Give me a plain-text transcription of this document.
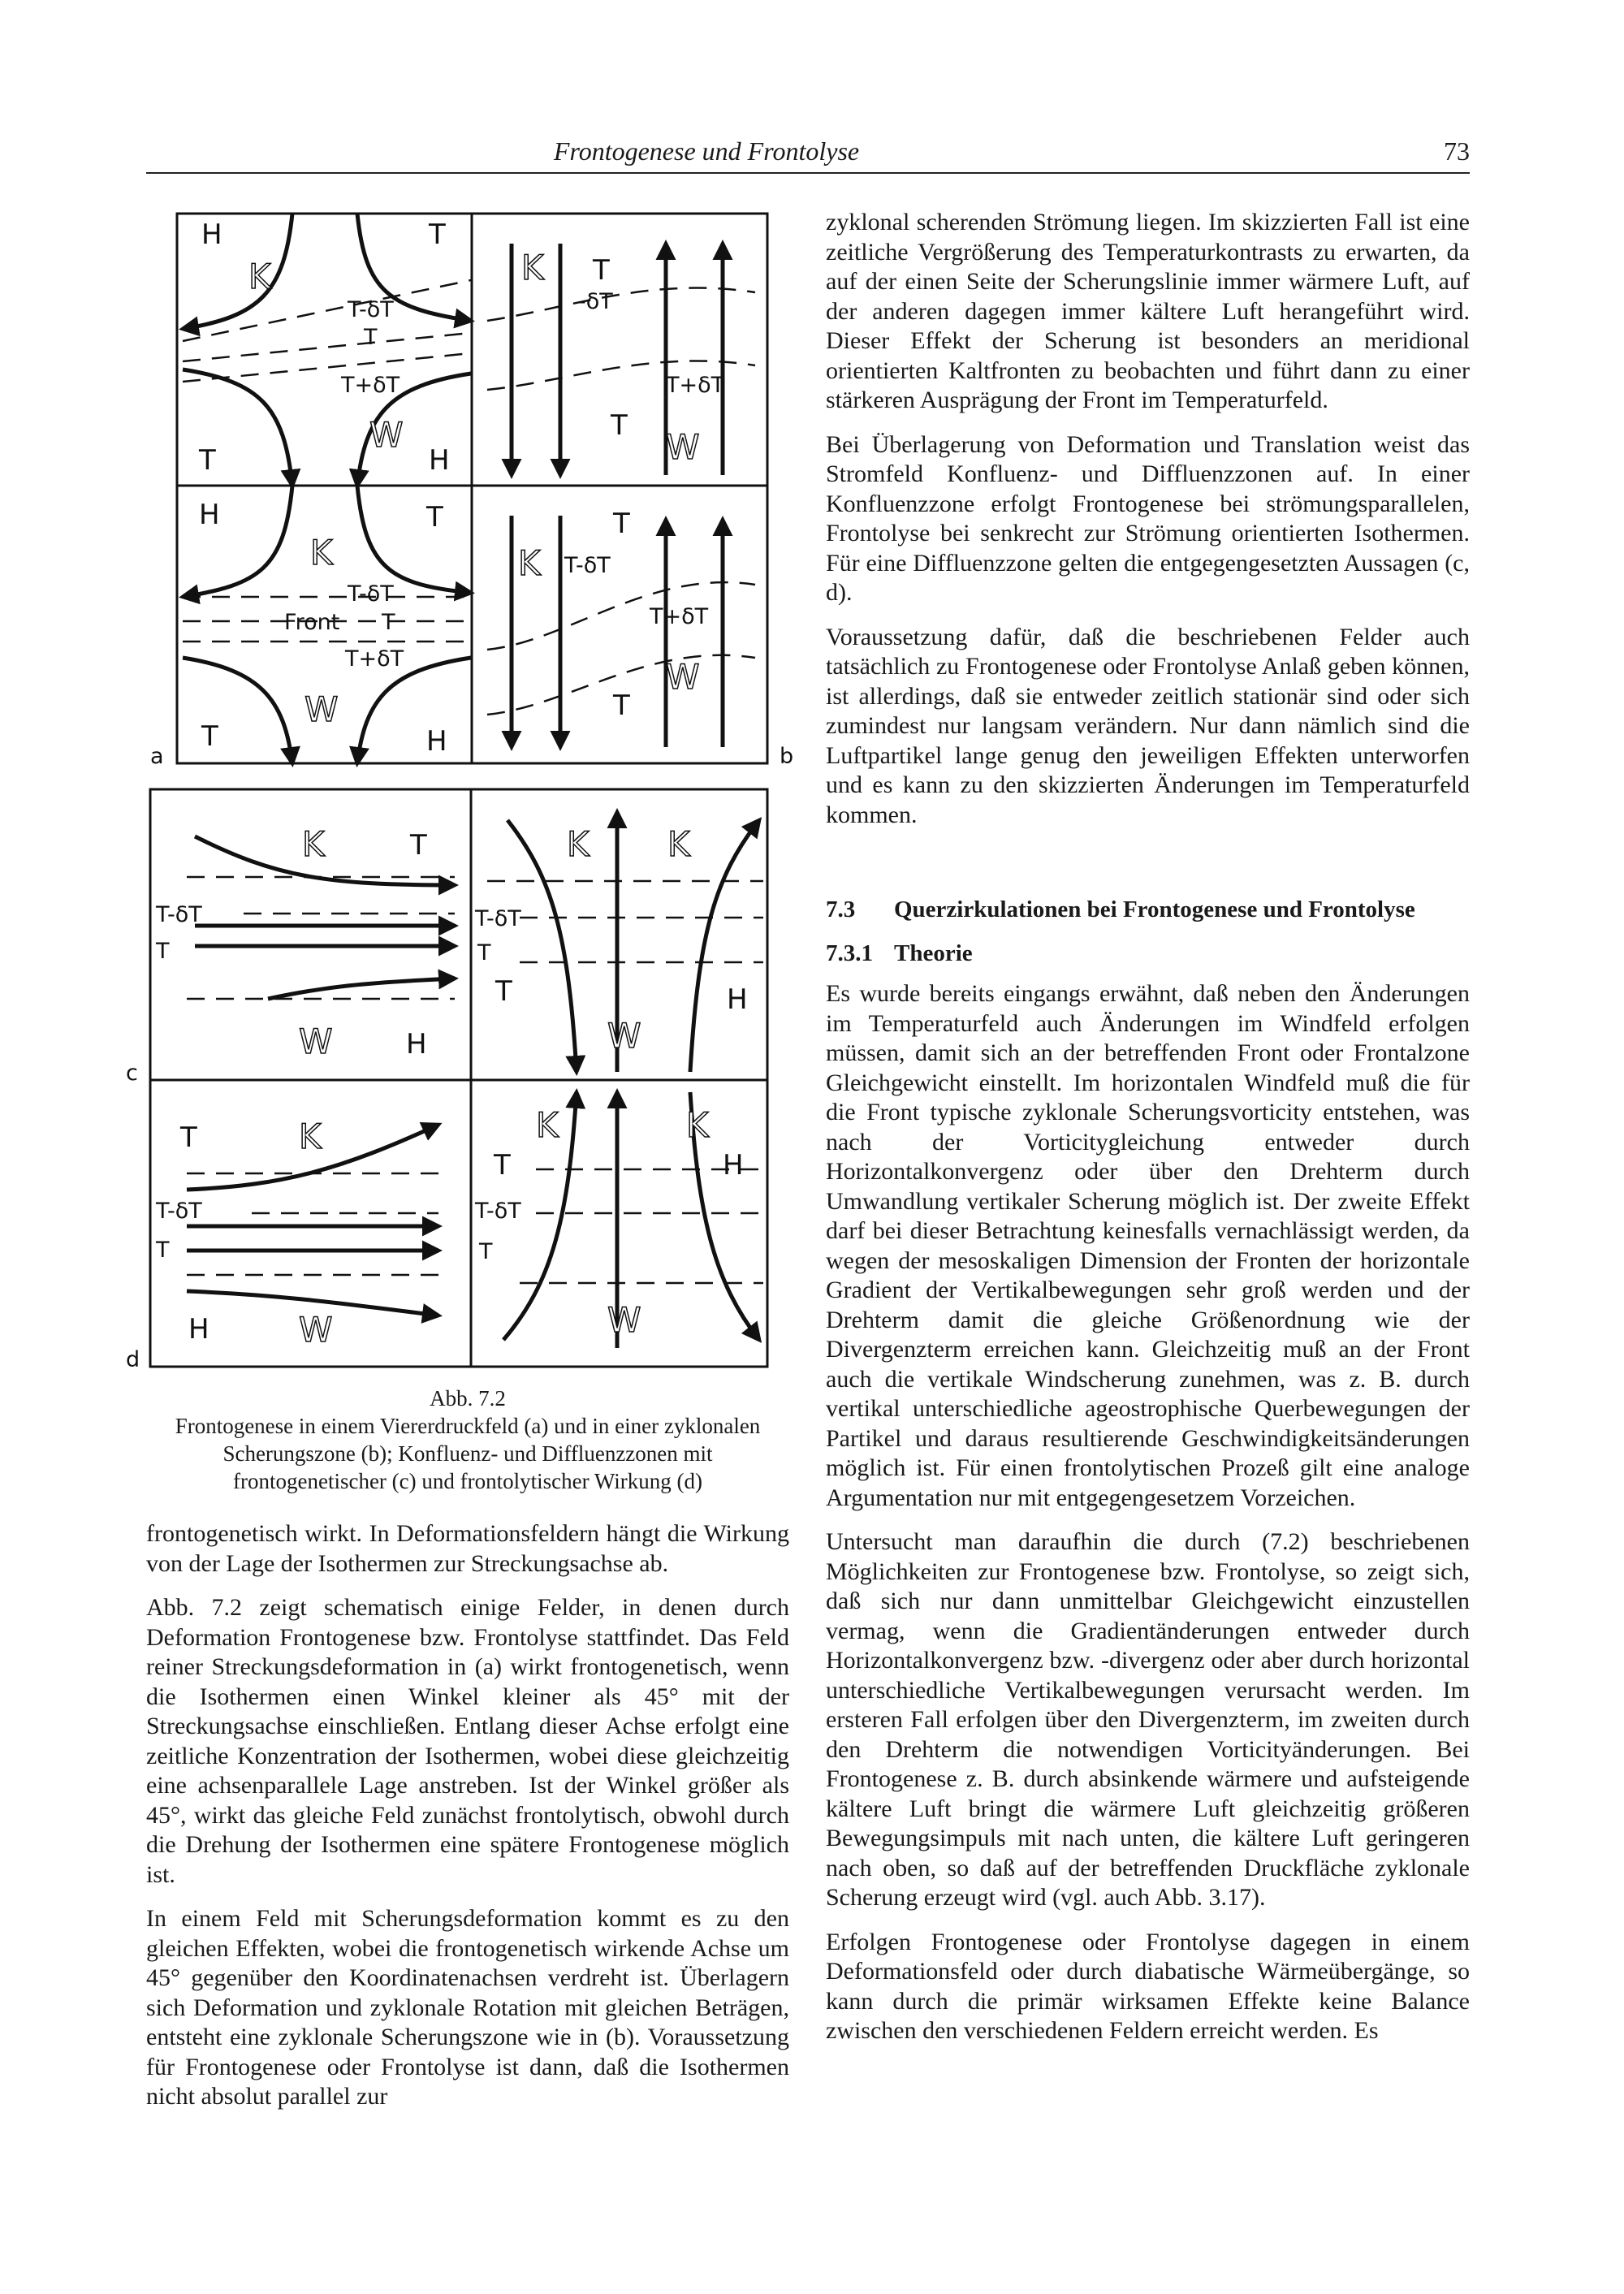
Frontogenese und Frontolyse	73
a	b
c
d
H	T
K
T-δT
T
T+δT
W
T	H
H	T
K
T-δT
Front T
T+δT
W
T	H
K T
-δT
T+δT
T
W
T
K T-δT
T+δT
W
T
K	T
T-δT
T
W	H
K K
T-δT
T
T	H
W
T	K
T-δT
T
H	W
K
T
K
H
T-δT
T
W
Abb. 7.2
Frontogenese in einem Viererdruckfeld (a) und in einer zyklonalen Scherungszone (b); Konfluenz- und Diffluenzzonen mit frontogenetischer (c) und frontolytischer Wirkung (d)

frontogenetisch wirkt. In Deformationsfeldern hängt die Wirkung von der Lage der Isothermen zur Streckungsachse ab.

Abb. 7.2 zeigt schematisch einige Felder, in denen durch Deformation Frontogenese bzw. Frontolyse stattfindet. Das Feld reiner Streckungsdeformation in (a) wirkt frontogenetisch, wenn die Isothermen einen Winkel kleiner als 45° mit der Streckungsachse einschließen. Entlang dieser Achse erfolgt eine zeitliche Konzentration der Isothermen, wobei diese gleichzeitig eine achsenparallele Lage anstreben. Ist der Winkel größer als 45°, wirkt das gleiche Feld zunächst frontolytisch, obwohl durch die Drehung der Isothermen eine spätere Frontogenese möglich ist.

In einem Feld mit Scherungsdeformation kommt es zu den gleichen Effekten, wobei die frontogenetisch wirkende Achse um 45° gegenüber den Koordinatenachsen verdreht ist. Überlagern sich Deformation und zyklonale Rotation mit gleichen Beträgen, entsteht eine zyklonale Scherungszone wie in (b). Voraussetzung für Frontogenese oder Frontolyse ist dann, daß die Isothermen nicht absolut parallel zur

zyklonal scherenden Strömung liegen. Im skizzierten Fall ist eine zeitliche Vergrößerung des Temperaturkontrasts zu erwarten, da auf der einen Seite der Scherungslinie immer wärmere Luft, auf der anderen dagegen immer kältere Luft herangeführt wird. Dieser Effekt der Scherung ist besonders an meridional orientierten Kaltfronten zu beobachten und führt dann zu einer stärkeren Ausprägung der Front im Temperaturfeld.

Bei Überlagerung von Deformation und Translation weist das Stromfeld Konfluenz- und Diffluenzzonen auf. In einer Konfluenzzone erfolgt Frontogenese bei strömungsparallelen, Frontolyse bei senkrecht zur Strömung orientierten Isothermen. Für eine Diffluenzzone gelten die entgegengesetzten Aussagen (c, d).

Voraussetzung dafür, daß die beschriebenen Felder auch tatsächlich zu Frontogenese oder Frontolyse Anlaß geben können, ist allerdings, daß sie entweder zeitlich stationär sind oder sich zumindest nur langsam verändern. Nur dann nämlich sind die Luftpartikel lange genug den jeweiligen Effekten unterworfen und es kann zu den skizzierten Änderungen im Temperaturfeld kommen.

7.3 Querzirkulationen bei Frontogenese und Frontolyse
7.3.1 Theorie

Es wurde bereits eingangs erwähnt, daß neben den Änderungen im Temperaturfeld auch Änderungen im Windfeld erfolgen müssen, damit sich an der betreffenden Front oder Frontalzone Gleichgewicht einstellt. Im horizontalen Windfeld muß die für die Front typische zyklonale Scherungsvorticity entstehen, was nach der Vorticitygleichung entweder durch Horizontalkonvergenz oder über den Drehterm durch Umwandlung vertikaler Scherung möglich ist. Der zweite Effekt darf bei dieser Betrachtung keinesfalls vernachlässigt werden, da wegen der mesoskaligen Dimension der Fronten der horizontale Gradient der Vertikalbewegungen sehr groß werden und der Drehterm damit die gleiche Größenordnung wie der Divergenzterm erreichen kann. Gleichzeitig muß an der Front auch die vertikale Windscherung zunehmen, was z. B. durch vertikal unterschiedliche ageostrophische Querbewegungen der Partikel und daraus resultierende Geschwindigkeitsänderungen möglich ist. Für einen frontolytischen Prozeß gilt eine analoge Argumentation nur mit entgegengesetzem Vorzeichen.

Untersucht man daraufhin die durch (7.2) beschriebenen Möglichkeiten zur Frontogenese bzw. Frontolyse, so zeigt sich, daß sich nur dann unmittelbar Gleichgewicht einzustellen vermag, wenn die Gradientänderungen entweder durch Horizontalkonvergenz bzw. -divergenz oder aber durch horizontal unterschiedliche Vertikalbewegungen verursacht werden. Im ersteren Fall erfolgen über den Divergenzterm, im zweiten durch den Drehterm die notwendigen Vorticityänderungen. Bei Frontogenese z. B. durch absinkende wärmere und aufsteigende kältere Luft bringt die wärmere Luft gleichzeitig größeren Bewegungsimpuls mit nach unten, die kältere Luft geringeren nach oben, so daß auf der betreffenden Druckfläche zyklonale Scherung erzeugt wird (vgl. auch Abb. 3.17).

Erfolgen Frontogenese oder Frontolyse dagegen in einem Deformationsfeld oder durch diabatische Wärmeübergänge, so kann durch die primär wirksamen Effekte keine Balance zwischen den verschiedenen Feldern erreicht werden. Es
